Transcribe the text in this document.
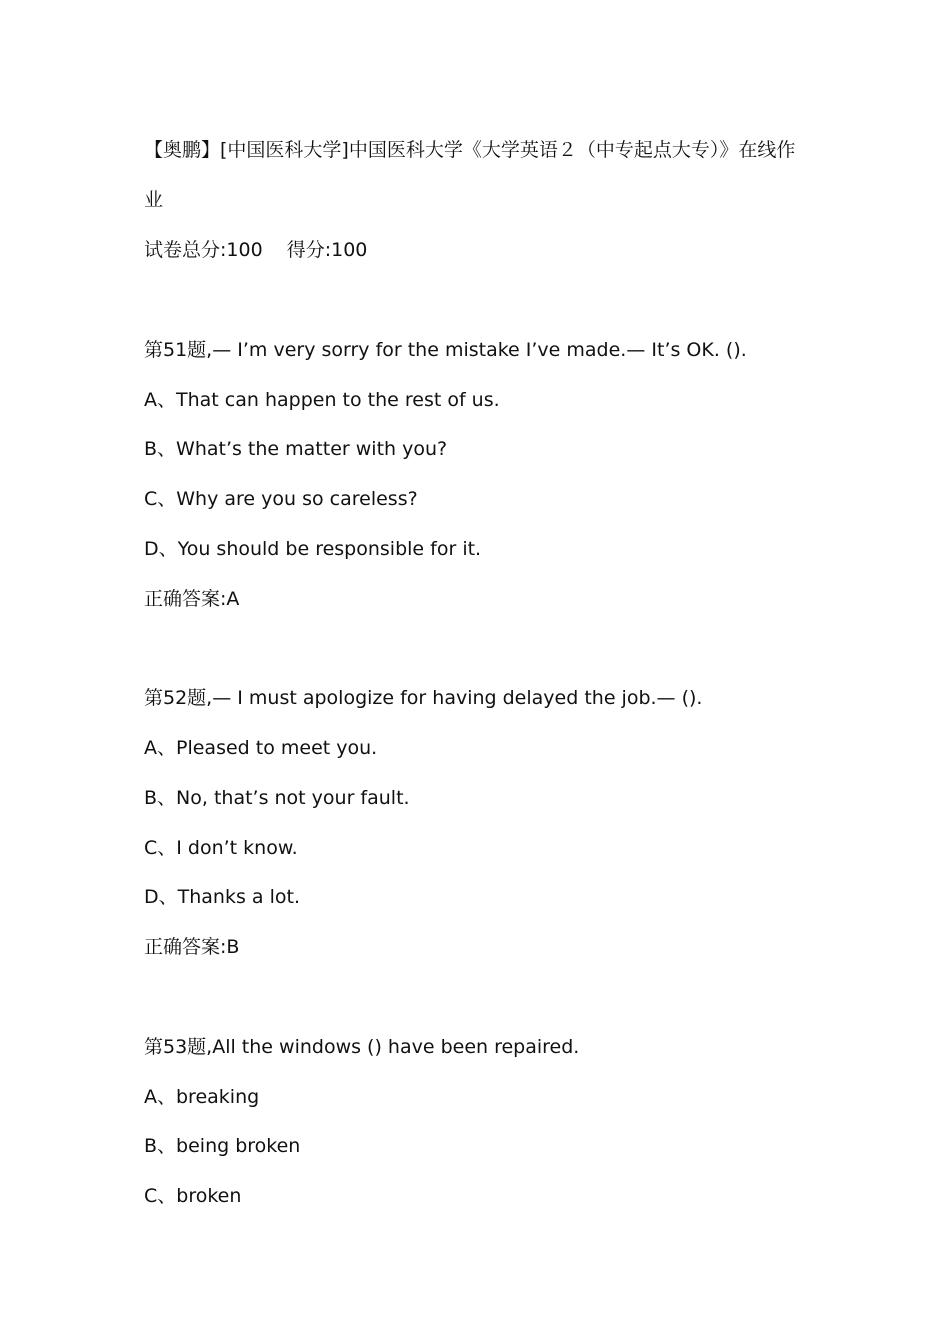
【奥鹏】[中国医科大学]中国医科大学《大学英语２（中专起点大专）》在线作
业
试卷总分:100 得分:100
第51题,— I’m very sorry for the mistake I’ve made.— It’s OK. ().
A、That can happen to the rest of us.
B、What’s the matter with you?
C、Why are you so careless?
D、You should be responsible for it.
正确答案:A
第52题,— I must apologize for having delayed the job.— ().
A、Pleased to meet you.
B、No, that’s not your fault.
C、I don’t know.
D、Thanks a lot.
正确答案:B
第53题,All the windows () have been repaired.
A、breaking
B、being broken
C、broken
